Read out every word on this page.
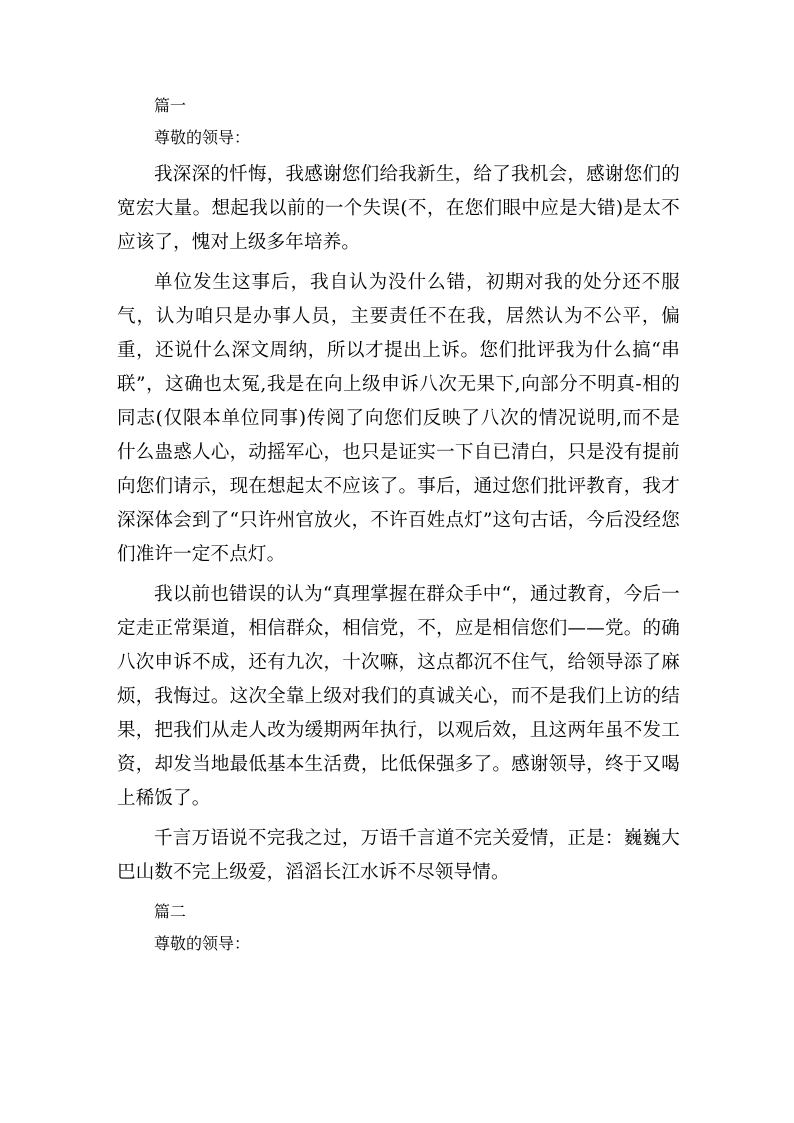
篇一

尊敬的领导：

我深深的忏悔，我感谢您们给我新生，给了我机会，感谢您们的宽宏大量。想起我以前的一个失误(不，在您们眼中应是大错)是太不应该了，愧对上级多年培养。

单位发生这事后，我自认为没什么错，初期对我的处分还不服气，认为咱只是办事人员，主要责任不在我，居然认为不公平，偏重，还说什么深文周纳，所以才提出上诉。您们批评我为什么搞“串联”，这确也太冤,我是在向上级申诉八次无果下,向部分不明真-相的同志(仅限本单位同事)传阅了向您们反映了八次的情况说明,而不是什么蛊惑人心，动摇军心，也只是证实一下自已清白，只是没有提前向您们请示，现在想起太不应该了。事后，通过您们批评教育，我才深深体会到了“只许州官放火，不许百姓点灯”这句古话，今后没经您们准许一定不点灯。

我以前也错误的认为“真理掌握在群众手中“，通过教育，今后一定走正常渠道，相信群众，相信党，不，应是相信您们——党。的确八次申诉不成，还有九次，十次嘛，这点都沉不住气，给领导添了麻烦，我悔过。这次全靠上级对我们的真诚关心，而不是我们上访的结果，把我们从走人改为缓期两年执行，以观后效，且这两年虽不发工资，却发当地最低基本生活费，比低保强多了。感谢领导，终于又喝上稀饭了。

千言万语说不完我之过，万语千言道不完关爱情，正是：巍巍大巴山数不完上级爱，滔滔长江水诉不尽领导情。

篇二

尊敬的领导：
